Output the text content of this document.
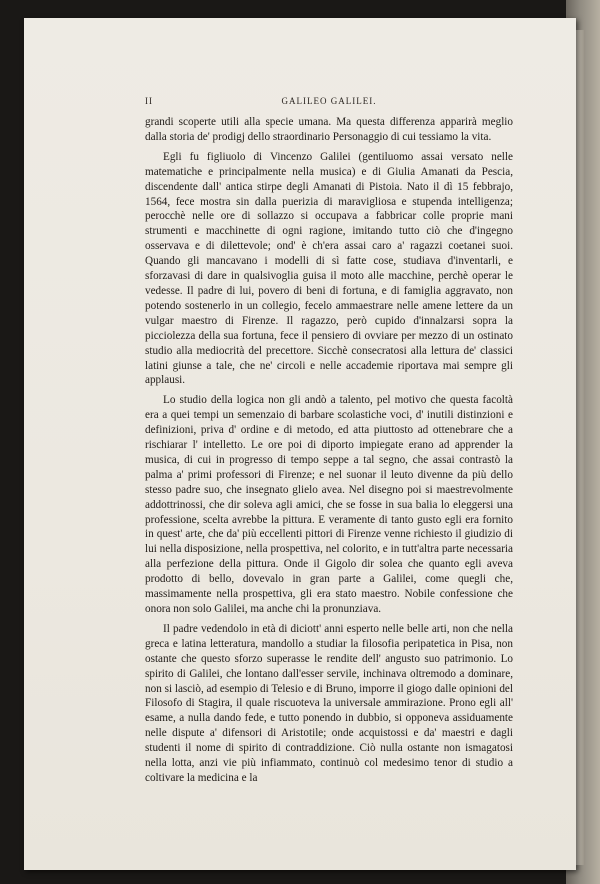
II	GALILEO GALILEI.

grandi scoperte utili alla specie umana. Ma questa differenza apparirà meglio dalla storia de' prodigj dello straordinario Personaggio di cui tessiamo la vita.

Egli fu figliuolo di Vincenzo Galilei (gentiluomo assai versato nelle matematiche e principalmente nella musica) e di Giulia Amanati da Pescia, discendente dall' antica stirpe degli Amanati di Pistoia. Nato il dì 15 febbrajo, 1564, fece mostra sin dalla puerizia di maravigliosa e stupenda intelligenza; perocchè nelle ore di sollazzo si occupava a fabbricar colle proprie mani strumenti e macchinette di ogni ragione, imitando tutto ciò che d'ingegno osservava e di dilettevole; ond' è ch'era assai caro a' ragazzi coetanei suoi. Quando gli mancavano i modelli di sì fatte cose, studiava d'inventarli, e sforzavasi di dare in qualsivoglia guisa il moto alle macchine, perchè operar le vedesse. Il padre di lui, povero di beni di fortuna, e di famiglia aggravato, non potendo sostenerlo in un collegio, fecelo ammaestrare nelle amene lettere da un vulgar maestro di Firenze. Il ragazzo, però cupido d'innalzarsi sopra la picciolezza della sua fortuna, fece il pensiero di ovviare per mezzo di un ostinato studio alla mediocrità del precettore. Sicchè consecratosi alla lettura de' classici latini giunse a tale, che ne' circoli e nelle accademie riportava mai sempre gli applausi.

Lo studio della logica non gli andò a talento, pel motivo che questa facoltà era a quei tempi un semenzaio di barbare scolastiche voci, d' inutili distinzioni e definizioni, priva d' ordine e di metodo, ed atta piuttosto ad ottenebrare che a rischiarar l' intelletto. Le ore poi di diporto impiegate erano ad apprender la musica, di cui in progresso di tempo seppe a tal segno, che assai contrastò la palma a' primi professori di Firenze; e nel suonar il leuto divenne da più dello stesso padre suo, che insegnato glielo avea. Nel disegno poi si maestrevolmente addottrinossi, che dir soleva agli amici, che se fosse in sua balia lo eleggersi una professione, scelta avrebbe la pittura. E veramente di tanto gusto egli era fornito in quest' arte, che da' più eccellenti pittori di Firenze venne richiesto il giudizio di lui nella disposizione, nella prospettiva, nel colorito, e in tutt'altra parte necessaria alla perfezione della pittura. Onde il Gigolo dir solea che quanto egli aveva prodotto di bello, dovevalo in gran parte a Galilei, come quegli che, massimamente nella prospettiva, gli era stato maestro. Nobile confessione che onora non solo Galilei, ma anche chi la pronunziava.

Il padre vedendolo in età di diciott' anni esperto nelle belle arti, non che nella greca e latina letteratura, mandollo a studiar la filosofia peripatetica in Pisa, non ostante che questo sforzo superasse le rendite dell' angusto suo patrimonio. Lo spirito di Galilei, che lontano dall'esser servile, inchinava oltremodo a dominare, non si lasciò, ad esempio di Telesio e di Bruno, imporre il giogo dalle opinioni del Filosofo di Stagira, il quale riscuoteva la universale ammirazione. Prono egli all' esame, a nulla dando fede, e tutto ponendo in dubbio, si opponeva assiduamente nelle dispute a' difensori di Aristotile; onde acquistossi e da' maestri e dagli studenti il nome di spirito di contraddizione. Ciò nulla ostante non ismagatosi nella lotta, anzi vie più infiammato, continuò col medesimo tenor di studio a coltivare la medicina e la
